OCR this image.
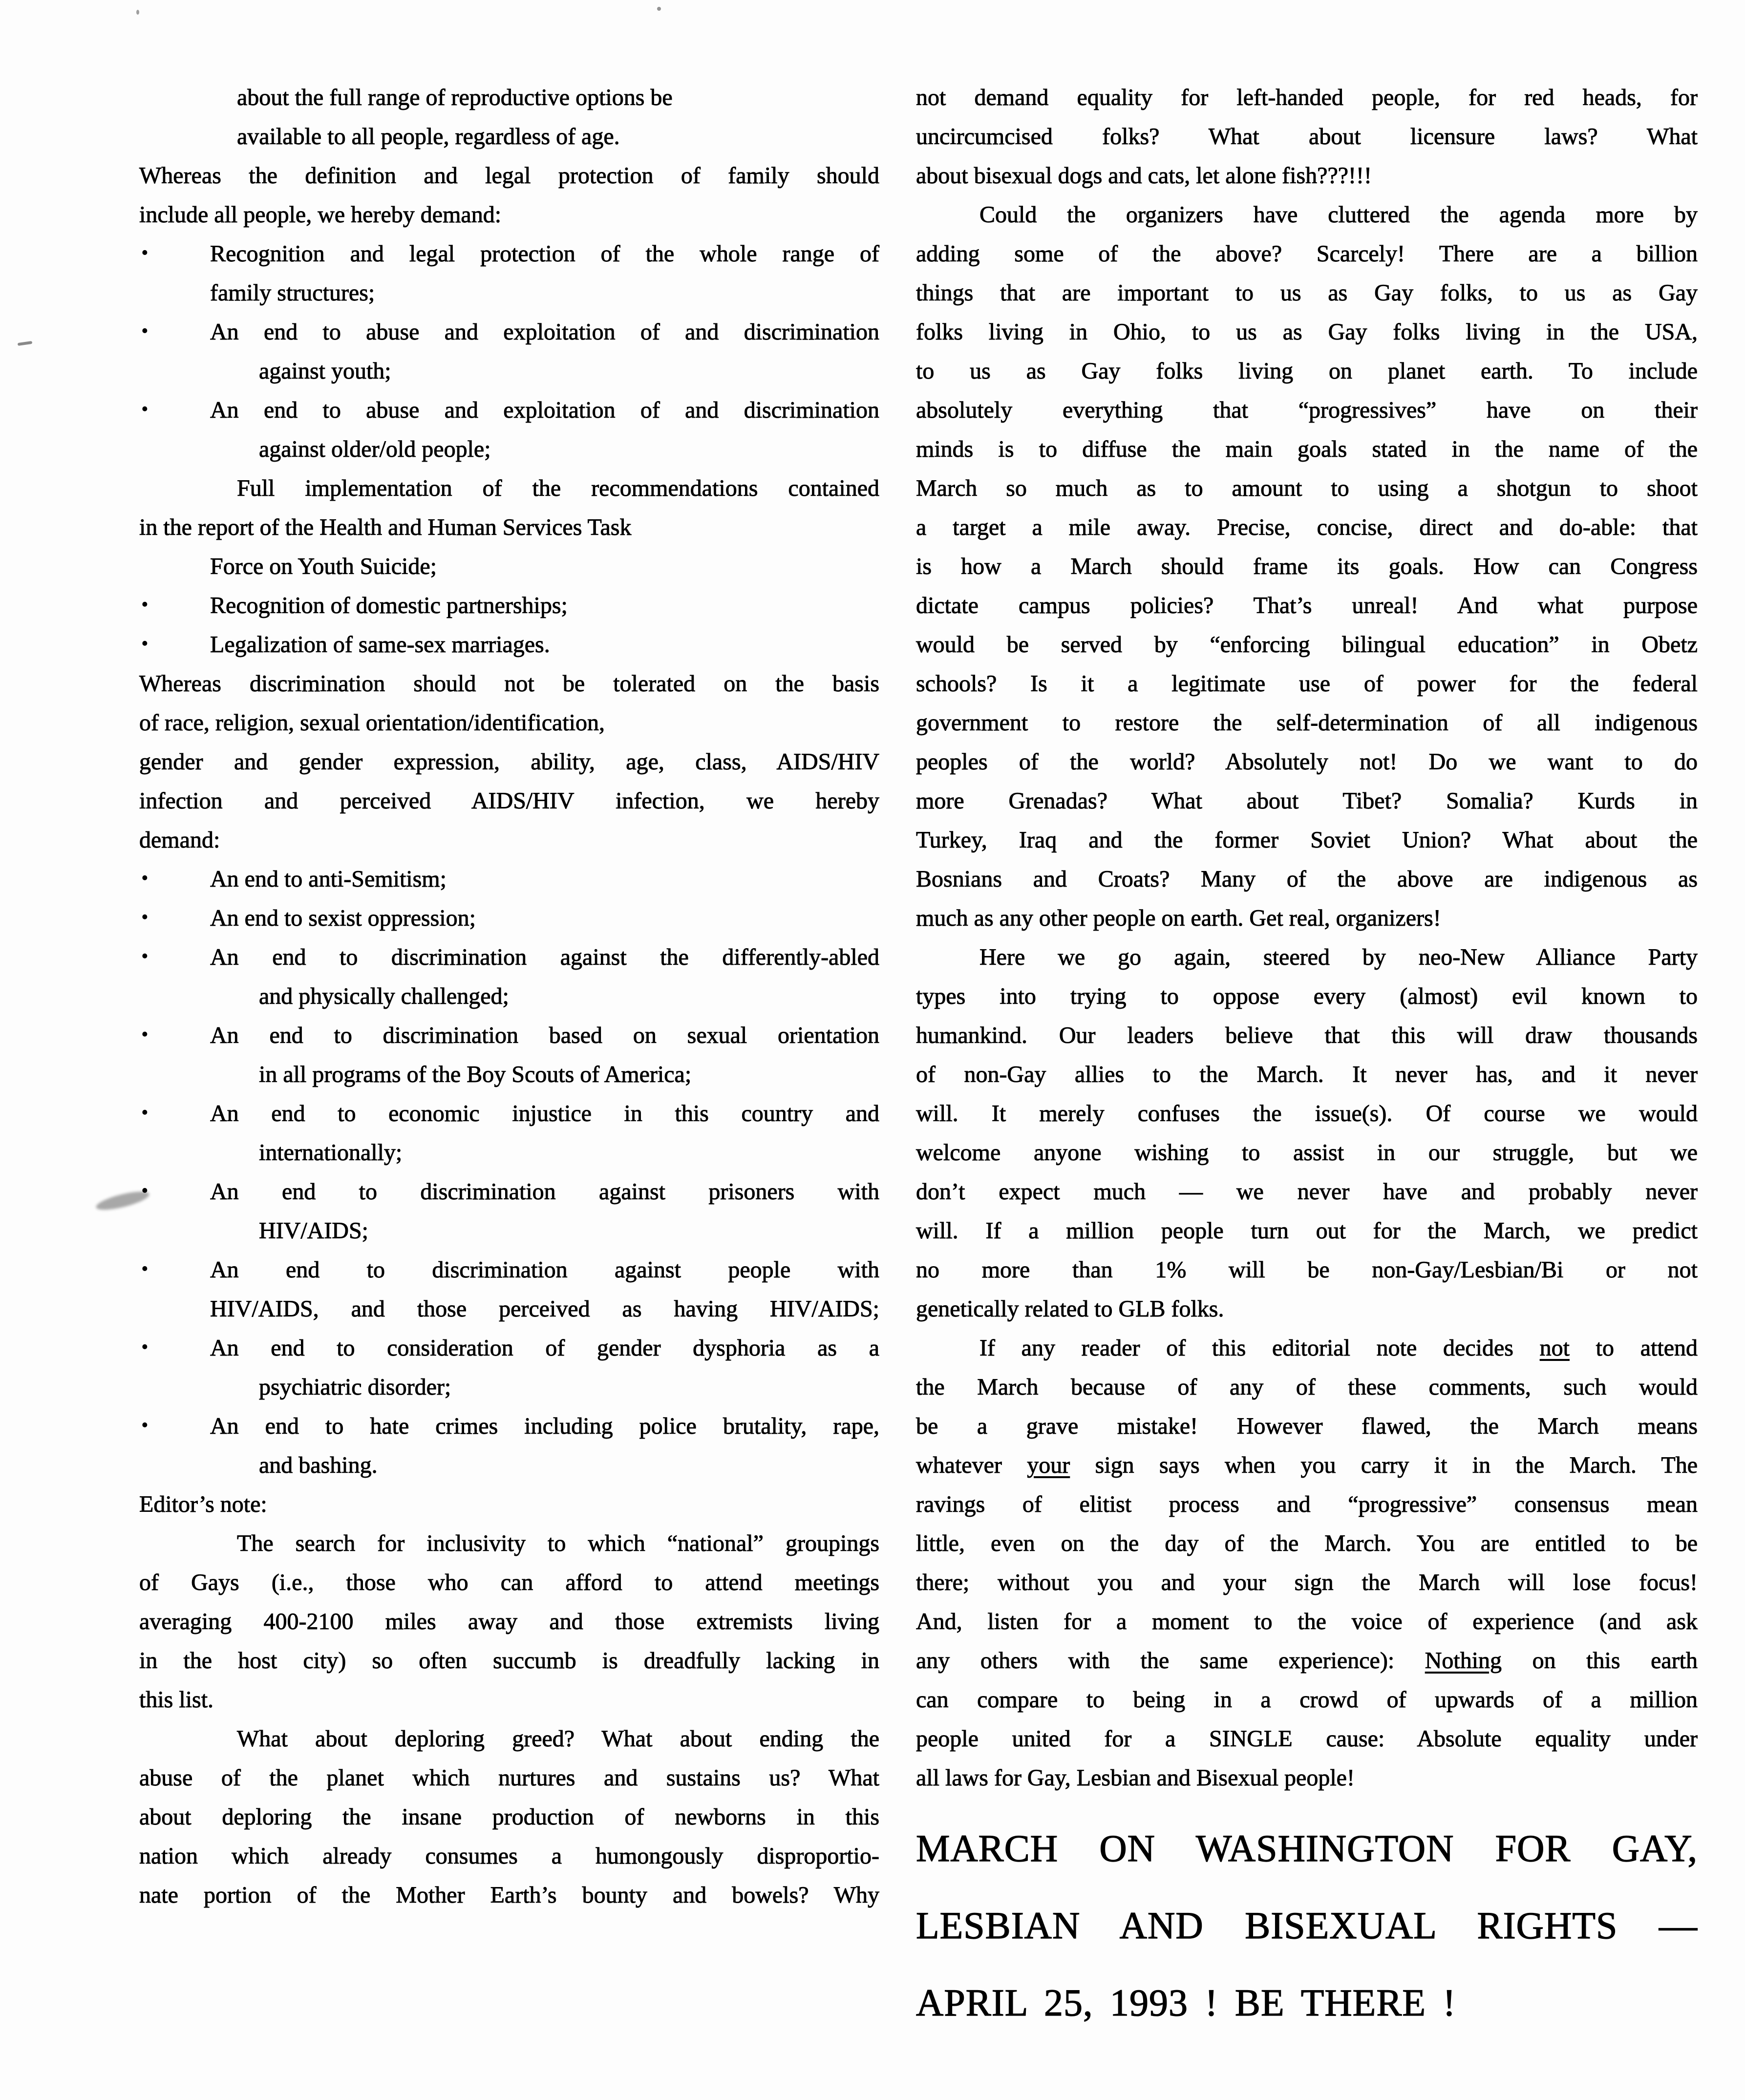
about the full range of reproductive options be
available to all people, regardless of age.
Whereas the definition and legal protection of family should
include all people, we hereby demand:
•	Recognition and legal protection of the whole range of
family structures;
•	An end to abuse and exploitation of and discrimination
against youth;
•	An end to abuse and exploitation of and discrimination
against older/old people;
Full implementation of the recommendations contained
in the report of the Health and Human Services Task
Force on Youth Suicide;
•	Recognition of domestic partnerships;
•	Legalization of same-sex marriages.
Whereas discrimination should not be tolerated on the basis
of race, religion, sexual orientation/identification,
gender and gender expression, ability, age, class, AIDS/HIV
infection and perceived AIDS/HIV infection, we hereby
demand:
•	An end to anti-Semitism;
•	An end to sexist oppression;
•	An end to discrimination against the differently-abled
and physically challenged;
•	An end to discrimination based on sexual orientation
in all programs of the Boy Scouts of America;
•	An end to economic injustice in this country and
internationally;
•	An end to discrimination against prisoners with
HIV/AIDS;
•	An end to discrimination against people with
HIV/AIDS, and those perceived as having HIV/AIDS;
•	An end to consideration of gender dysphoria as a
psychiatric disorder;
•	An end to hate crimes including police brutality, rape,
and bashing.
Editor’s note:
The search for inclusivity to which “national” groupings
of Gays (i.e., those who can afford to attend meetings
averaging 400-2100 miles away and those extremists living
in the host city) so often succumb is dreadfully lacking in
this list.
What about deploring greed? What about ending the
abuse of the planet which nurtures and sustains us? What
about deploring the insane production of newborns in this
nation which already consumes a humongously disproportio-
nate portion of the Mother Earth’s bounty and bowels? Why
not demand equality for left-handed people, for red heads, for
uncircumcised folks? What about licensure laws? What
about bisexual dogs and cats, let alone fish???!!!
Could the organizers have cluttered the agenda more by
adding some of the above? Scarcely! There are a billion
things that are important to us as Gay folks, to us as Gay
folks living in Ohio, to us as Gay folks living in the USA,
to us as Gay folks living on planet earth. To include
absolutely everything that “progressives” have on their
minds is to diffuse the main goals stated in the name of the
March so much as to amount to using a shotgun to shoot
a target a mile away. Precise, concise, direct and do-able: that
is how a March should frame its goals. How can Congress
dictate campus policies? That’s unreal! And what purpose
would be served by “enforcing bilingual education” in Obetz
schools? Is it a legitimate use of power for the federal
government to restore the self-determination of all indigenous
peoples of the world? Absolutely not! Do we want to do
more Grenadas? What about Tibet? Somalia? Kurds in
Turkey, Iraq and the former Soviet Union? What about the
Bosnians and Croats? Many of the above are indigenous as
much as any other people on earth. Get real, organizers!
Here we go again, steered by neo-New Alliance Party
types into trying to oppose every (almost) evil known to
humankind. Our leaders believe that this will draw thousands
of non-Gay allies to the March. It never has, and it never
will. It merely confuses the issue(s). Of course we would
welcome anyone wishing to assist in our struggle, but we
don’t expect much — we never have and probably never
will. If a million people turn out for the March, we predict
no more than 1% will be non-Gay/Lesbian/Bi or not
genetically related to GLB folks.
If any reader of this editorial note decides not to attend
the March because of any of these comments, such would
be a grave mistake! However flawed, the March means
whatever your sign says when you carry it in the March. The
ravings of elitist process and “progressive” consensus mean
little, even on the day of the March. You are entitled to be
there; without you and your sign the March will lose focus!
And, listen for a moment to the voice of experience (and ask
any others with the same experience): Nothing on this earth
can compare to being in a crowd of upwards of a million
people united for a SINGLE cause: Absolute equality under
all laws for Gay, Lesbian and Bisexual people!
MARCH ON WASHINGTON FOR GAY,
LESBIAN AND BISEXUAL RIGHTS —
APRIL 25, 1993 ! BE THERE !
